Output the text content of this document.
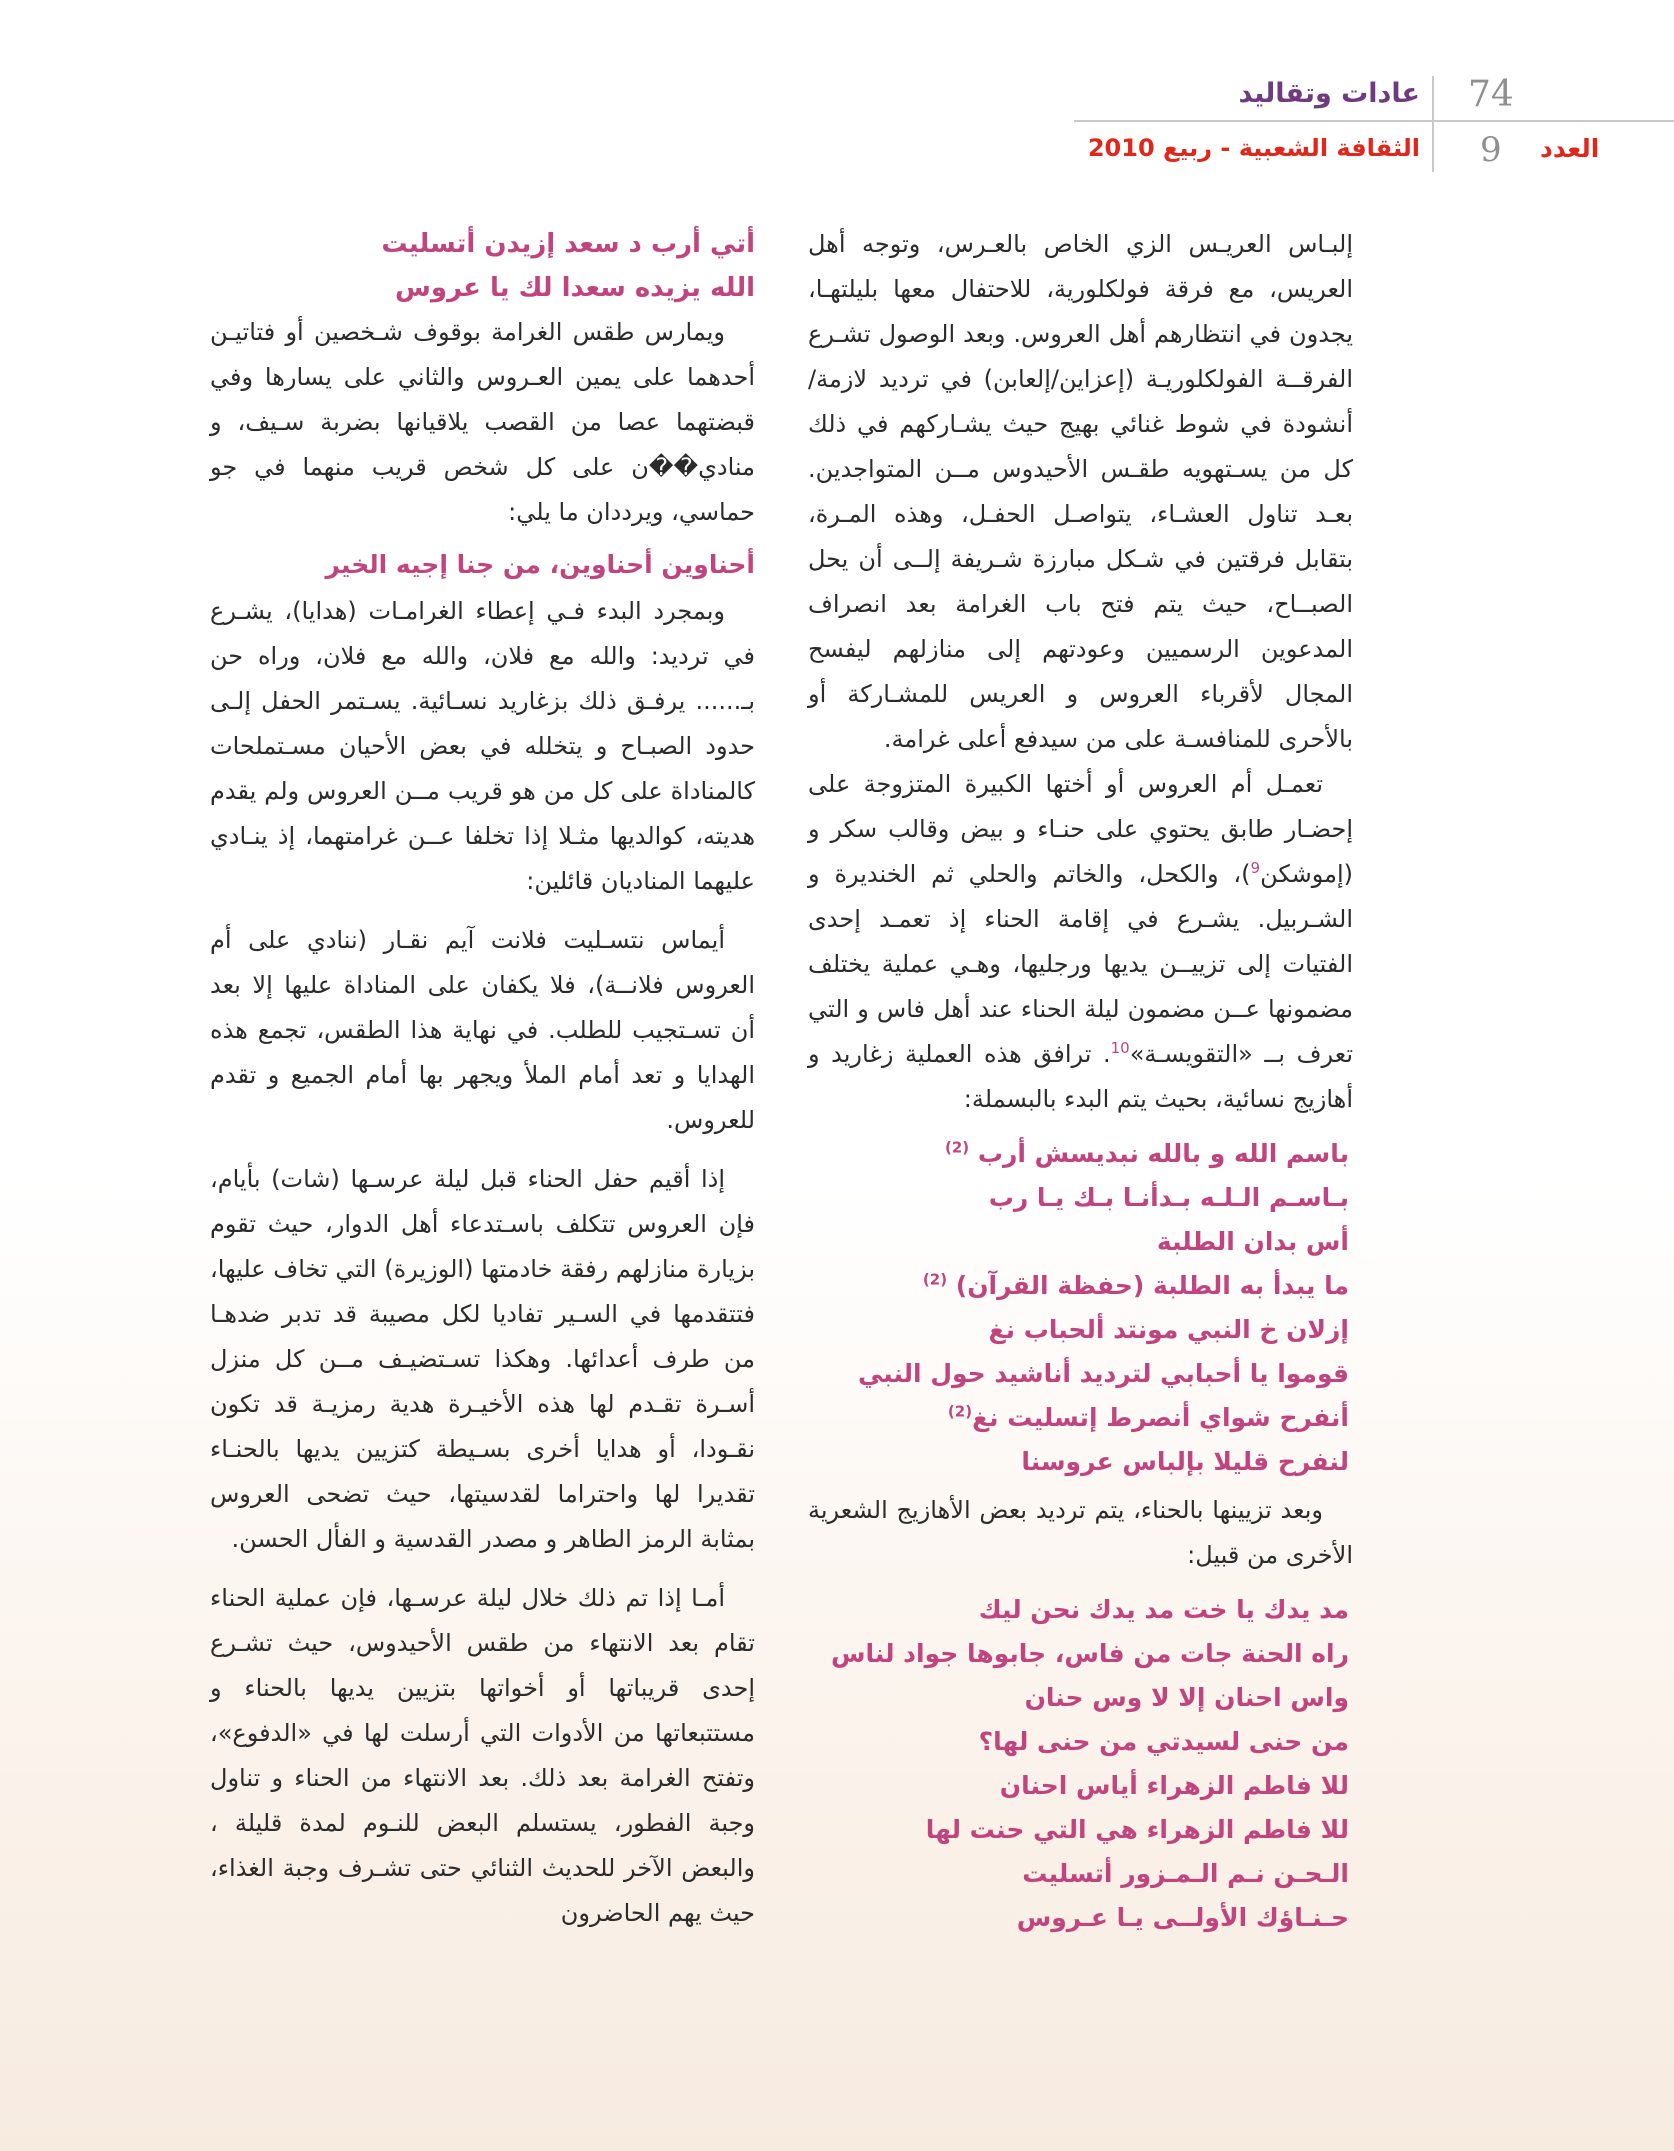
74
عادات وتقاليد
العدد
9
الثقافة الشعبية - ربيع 2010

إلبـاس العريـس الزي الخاص بالعـرس، وتوجه أهل العريس، مع فرقة فولكلورية، للاحتفال معها بليلتهـا، يجدون في انتظارهم أهل العروس. وبعد الوصول تشـرع الفرقــة الفولكلوريـة (إعزاين/إلعابن) في ترديد لازمة/أنشودة في شوط غنائي بهيج حيث يشـاركهم في ذلك كل من يسـتهويه طقـس الأحيدوس مــن المتواجدين. بعـد تناول العشـاء، يتواصـل الحفـل، وهذه المـرة، بتقابل فرقتين في شـكل مبارزة شـريفة إلــى أن يحل الصبــاح، حيث يتم فتح باب الغرامة بعد انصراف المدعوين الرسميين وعودتهم إلى منازلهم ليفسح المجال لأقرباء العروس و العريس للمشـاركة أو بالأحرى للمنافسـة على من سيدفع أعلى غرامة.

تعمـل أم العروس أو أختها الكبيرة المتزوجة على إحضـار طابق يحتوي على حنـاء و بيض وقالب سكر و (إموشكن$^9$)، والكحل، والخاتم والحلي ثم الخنديرة و الشـربيل. يشـرع في إقامة الحناء إذ تعمـد إحدى الفتيات إلى تزييــن يديها ورجليها، وهـي عملية يختلف مضمونها عــن مضمون ليلة الحناء عند أهل فاس و التي تعرف بــ «التقويسـة»$^{10}$. ترافق هذه العملية زغاريد و أهازيج نسائية، بحيث يتم البدء بالبسملة:

باسم الله و بالله نبديسش أرب $^{(2)}$
بـاسـم الـلـه بـدأنـا بـك يـا رب
أس بدان الطلبة
ما يبدأ به الطلبة (حفظة القرآن) $^{(2)}$
إزلان خ النبي مونتد ألحباب نغ
قوموا يا أحبابي لترديد أناشيد حول النبي
أنفرح شواي أنصرط إتسليت نغ$^{(2)}$
لنفرح قليلا بإلباس عروسنا

وبعد تزيينها بالحناء، يتم ترديد بعض الأهازيج الشعرية الأخرى من قبيل:

مد يدك يا خت مد يدك نحن ليك
راه الحنة جات من فاس، جابوها جواد لناس
واس احنان إلا لا وس حنان
من حنى لسيدتي من حنى لها؟
للا فاطم الزهراء أياس احنان
للا فاطم الزهراء هي التي حنت لها
الـحـن نـم الـمـزور أتسليت
حـنـاؤك الأولــى يـا عـروس
أتي أرب د سعد إزيدن أتسليت
الله يزيده سعدا لك يا عروس

ويمارس طقس الغرامة بوقوف شـخصين أو فتاتيـن أحدهما على يمين العـروس والثاني على يسارها وفي قبضتهما عصا من القصب يلاقيانها بضربة سـيف، و منادي��ن على كل شخص قريب منهما في جو حماسي، ويرددان ما يلي:

أحناوين أحناوين، من جنا إجيه الخير

وبمجرد البدء فـي إعطاء الغرامـات (هدايا)، يشـرع في ترديد: والله مع فلان، والله مع فلان، وراه حن بـ...... يرفـق ذلك بزغاريد نسـائية. يسـتمر الحفل إلـى حدود الصبـاح و يتخلله في بعض الأحيان مسـتملحات كالمناداة على كل من هو قريب مــن العروس ولم يقدم هديته، كوالديها مثـلا إذا تخلفا عــن غرامتهما، إذ ينـادي عليهما المناديان قائلين:

أيماس نتسـليت فلانت آيم نقـار (ننادي على أم العروس فلانــة)، فلا يكفان على المناداة عليها إلا بعد أن تسـتجيب للطلب. في نهاية هذا الطقس، تجمع هذه الهدايا و تعد أمام الملأ ويجهر بها أمام الجميع و تقدم للعروس.

إذا أقيم حفل الحناء قبل ليلة عرسـها (شات) بأيام، فإن العروس تتكلف باسـتدعاء أهل الدوار، حيث تقوم بزيارة منازلهم رفقة خادمتها (الوزيرة) التي تخاف عليها، فتتقدمها في السـير تفاديا لكل مصيبة قد تدبر ضدهـا من طرف أعدائها. وهكذا تسـتضيـف مــن كل منزل أسـرة تقـدم لها هذه الأخيـرة هدية رمزيـة قد تكون نقـودا، أو هدايا أخرى بسـيطة كتزيين يديها بالحنـاء تقديرا لها واحتراما لقدسيتها، حيث تضحى العروس بمثابة الرمز الطاهر و مصدر القدسية و الفأل الحسن.

أمـا إذا تم ذلك خلال ليلة عرسـها، فإن عملية الحناء تقام بعد الانتهاء من طقس الأحيدوس، حيث تشـرع إحدى قريباتها أو أخواتها بتزيين يديها بالحناء و مستتبعاتها من الأدوات التي أرسلت لها في «الدفوع»، وتفتح الغرامة بعد ذلك. بعد الانتهاء من الحناء و تناول وجبة الفطور، يستسلم البعض للنـوم لمدة قليلة ، والبعض الآخر للحديث الثنائي حتى تشـرف وجبة الغذاء، حيث يهم الحاضرون
